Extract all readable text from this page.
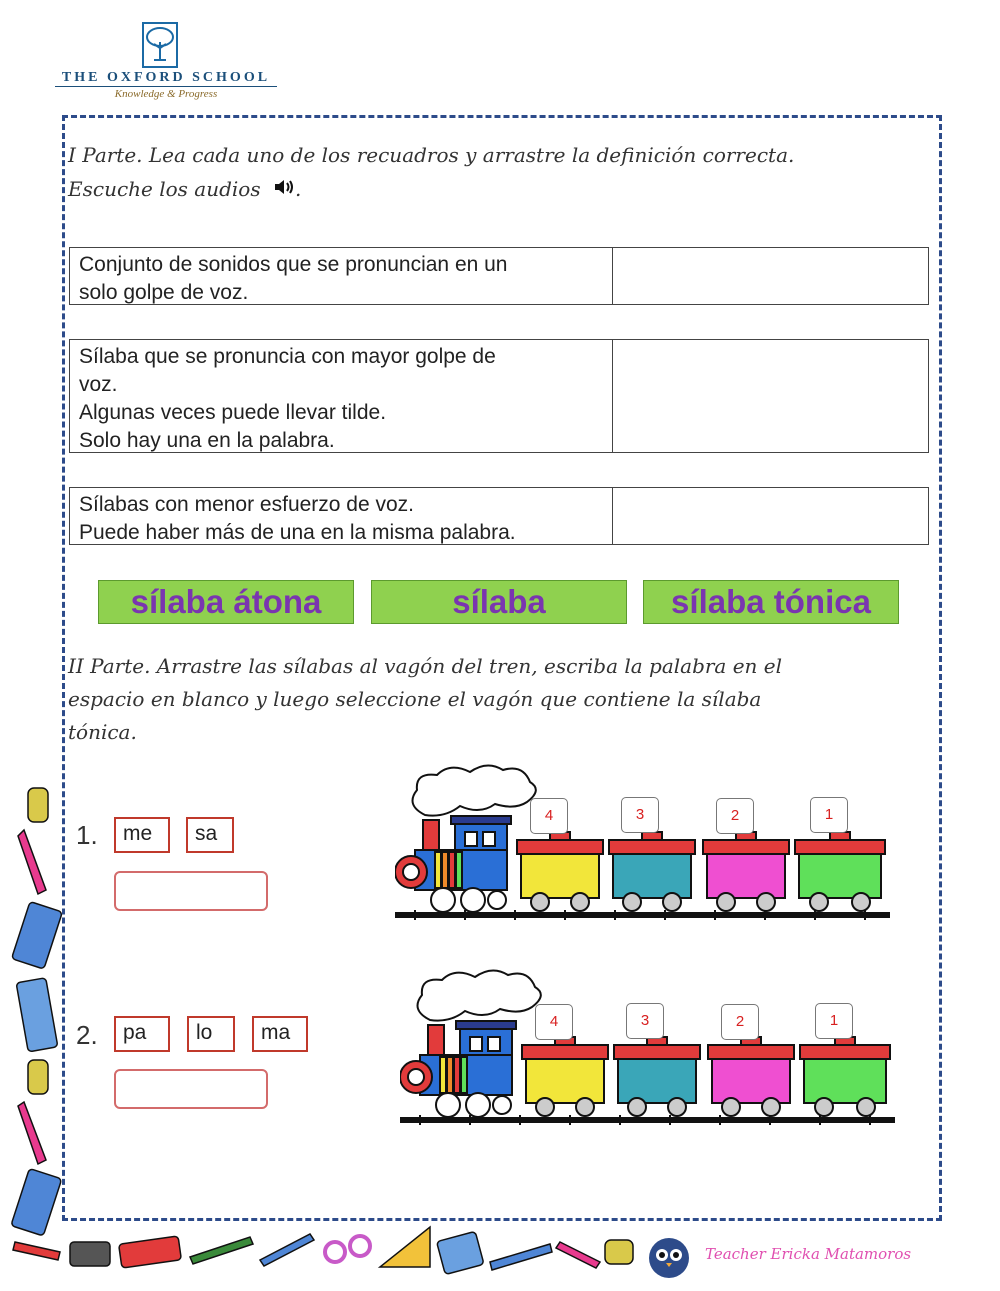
THE OXFORD SCHOOL
Knowledge & Progress
I Parte. Lea cada uno de los recuadros y arrastre la definición correcta.
Escuche los audios .
Conjunto de sonidos que se pronuncian en un
solo golpe de voz.
Sílaba que se pronuncia con mayor golpe de
voz.
Algunas veces puede llevar tilde.
Solo hay una en la palabra.
Sílabas con menor esfuerzo de voz.
Puede haber más de una en la misma palabra.
sílaba átona	sílaba	sílaba tónica
II Parte. Arrastre las sílabas al vagón del tren, escriba la palabra en el
espacio en blanco y luego seleccione el vagón que contiene la sílaba
tónica.
1.	me	sa
2.	pa	lo	ma
4	3	2	1
4	3	2	1
Teacher Ericka Matamoros
